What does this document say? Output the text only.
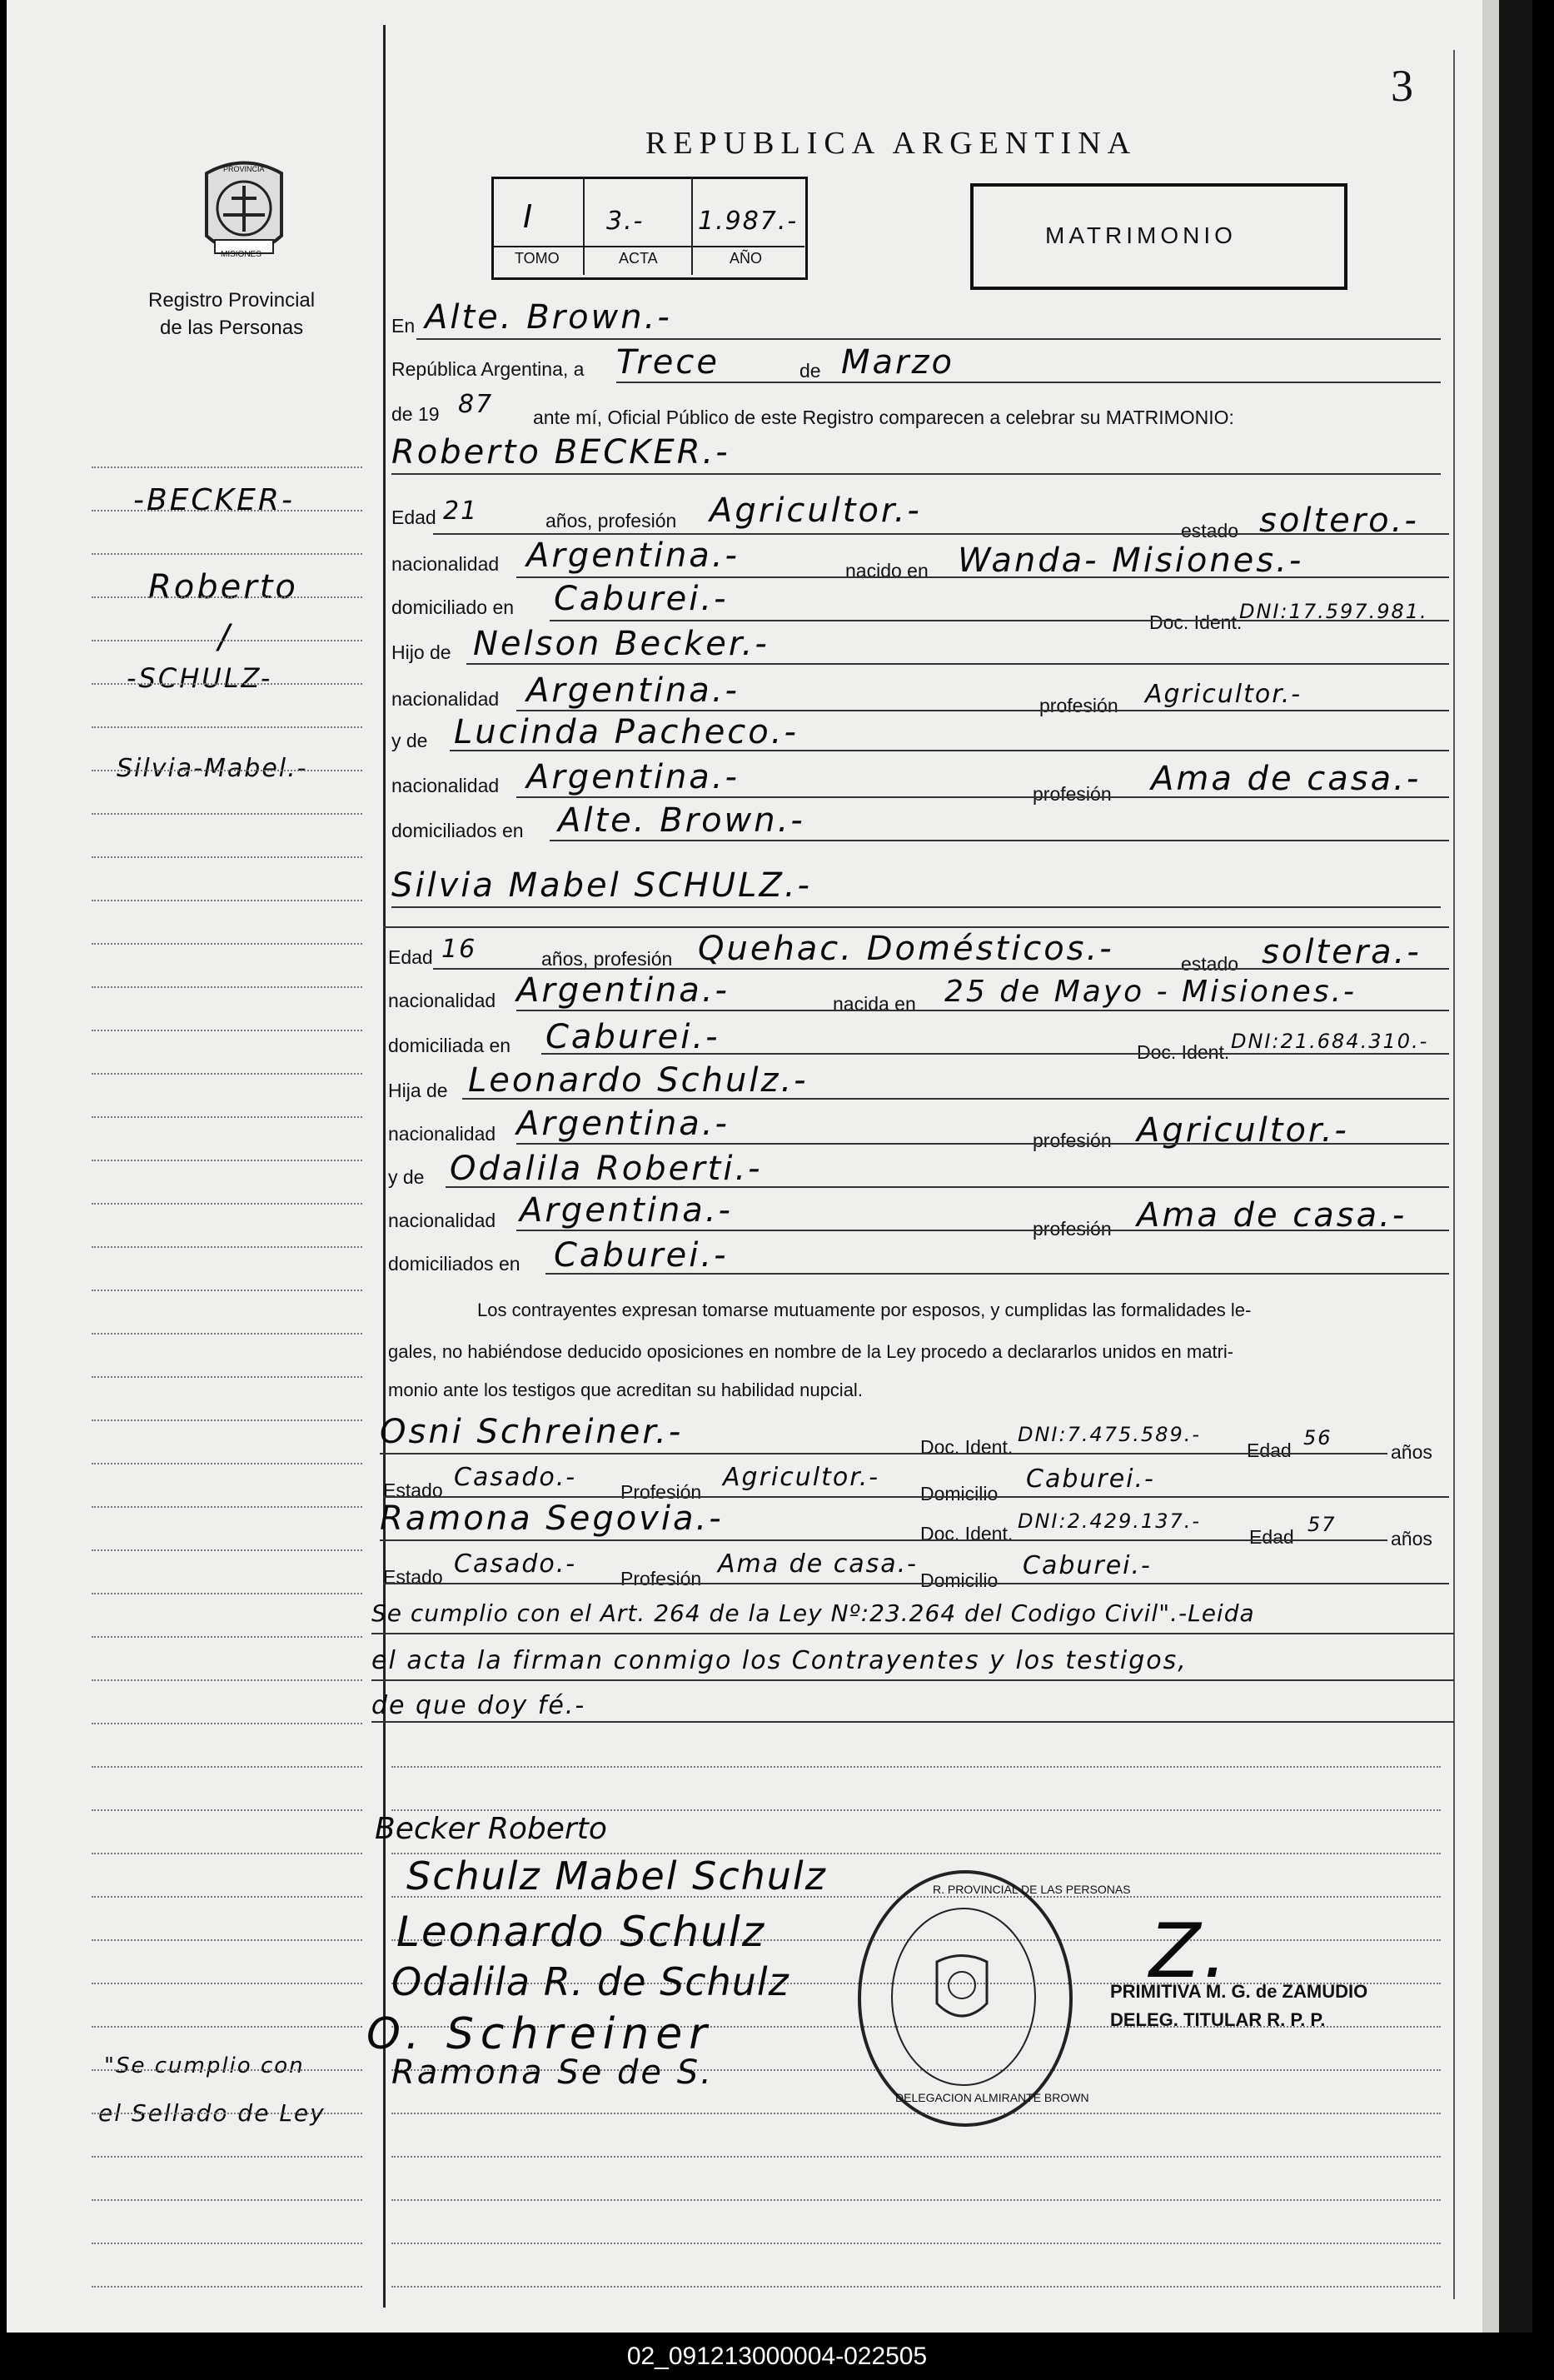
3
REPUBLICA ARGENTINA
MISIONES
PROVINCIA
Registro Provincial
de las Personas
I	3.- 1.987.-
TOMO	ACTA	AÑO
MATRIMONIO
-BECKER-
Roberto
/
-SCHULZ-
Silvia-Mabel.-
"Se cumplio con
el Sellado de Ley
En Alte. Brown.-
República Argentina, a Trece	de Marzo
de 19 87 ante mí, Oficial Público de este Registro comparecen a celebrar su MATRIMONIO:
Roberto BECKER.-
Edad 21	años, profesión Agricultor.-
estado soltero.-
nacionalidad Argentina.-	nacido en Wanda- Misiones.-
domiciliado en Caburei.-
Doc. Ident.
DNI:17.597.981.
Hijo de Nelson Becker.-
nacionalidad Argentina.-	profesión Agricultor.-
y de Lucinda Pacheco.-
nacionalidad Argentina.-	profesión Ama de casa.-
domiciliados en Alte. Brown.-
Silvia Mabel SCHULZ.-
Edad 16	años, profesión Quehac. Domésticos.-	estado soltera.-
nacionalidad Argentina.-	nacida en 25 de Mayo - Misiones.-
domiciliada en Caburei.-	Doc. Ident. DNI:21.684.310.-
Hija de Leonardo Schulz.-
nacionalidad Argentina.-	profesión Agricultor.-
y de Odalila Roberti.-
nacionalidad Argentina.-	profesión Ama de casa.-
domiciliados en Caburei.-
Los contrayentes expresan tomarse mutuamente por esposos, y cumplidas las formalidades le-
gales, no habiéndose deducido oposiciones en nombre de la Ley procedo a declararlos unidos en matri-
monio ante los testigos que acreditan su habilidad nupcial.
Osni Schreiner.-	Doc. Ident.
DNI:7.475.589.-
Edad
56
años
Estado Casado.- Profesión Agricultor.-
Domicilio Caburei.-
Ramona Segovia.-	Doc. Ident.
DNI:2.429.137.-
Edad
57
años
Estado Casado.- Profesión Ama de casa.-
Domicilio Caburei.-
Se cumplio con el Art. 264 de la Ley Nº:23.264 del Codigo Civil".-Leida
el acta la firman conmigo los Contrayentes y los testigos,
de que doy fé.-
Becker Roberto
Schulz Mabel Schulz
Leonardo Schulz
Odalila R. de Schulz
O. Schreiner
Ramona Se de S.
R. PROVINCIAL DE LAS PERSONAS
DELEGACION ALMIRANTE BROWN
Z.
PRIMITIVA M. G. de ZAMUDIO
DELEG. TITULAR R. P. P.
02_091213000004-022505
